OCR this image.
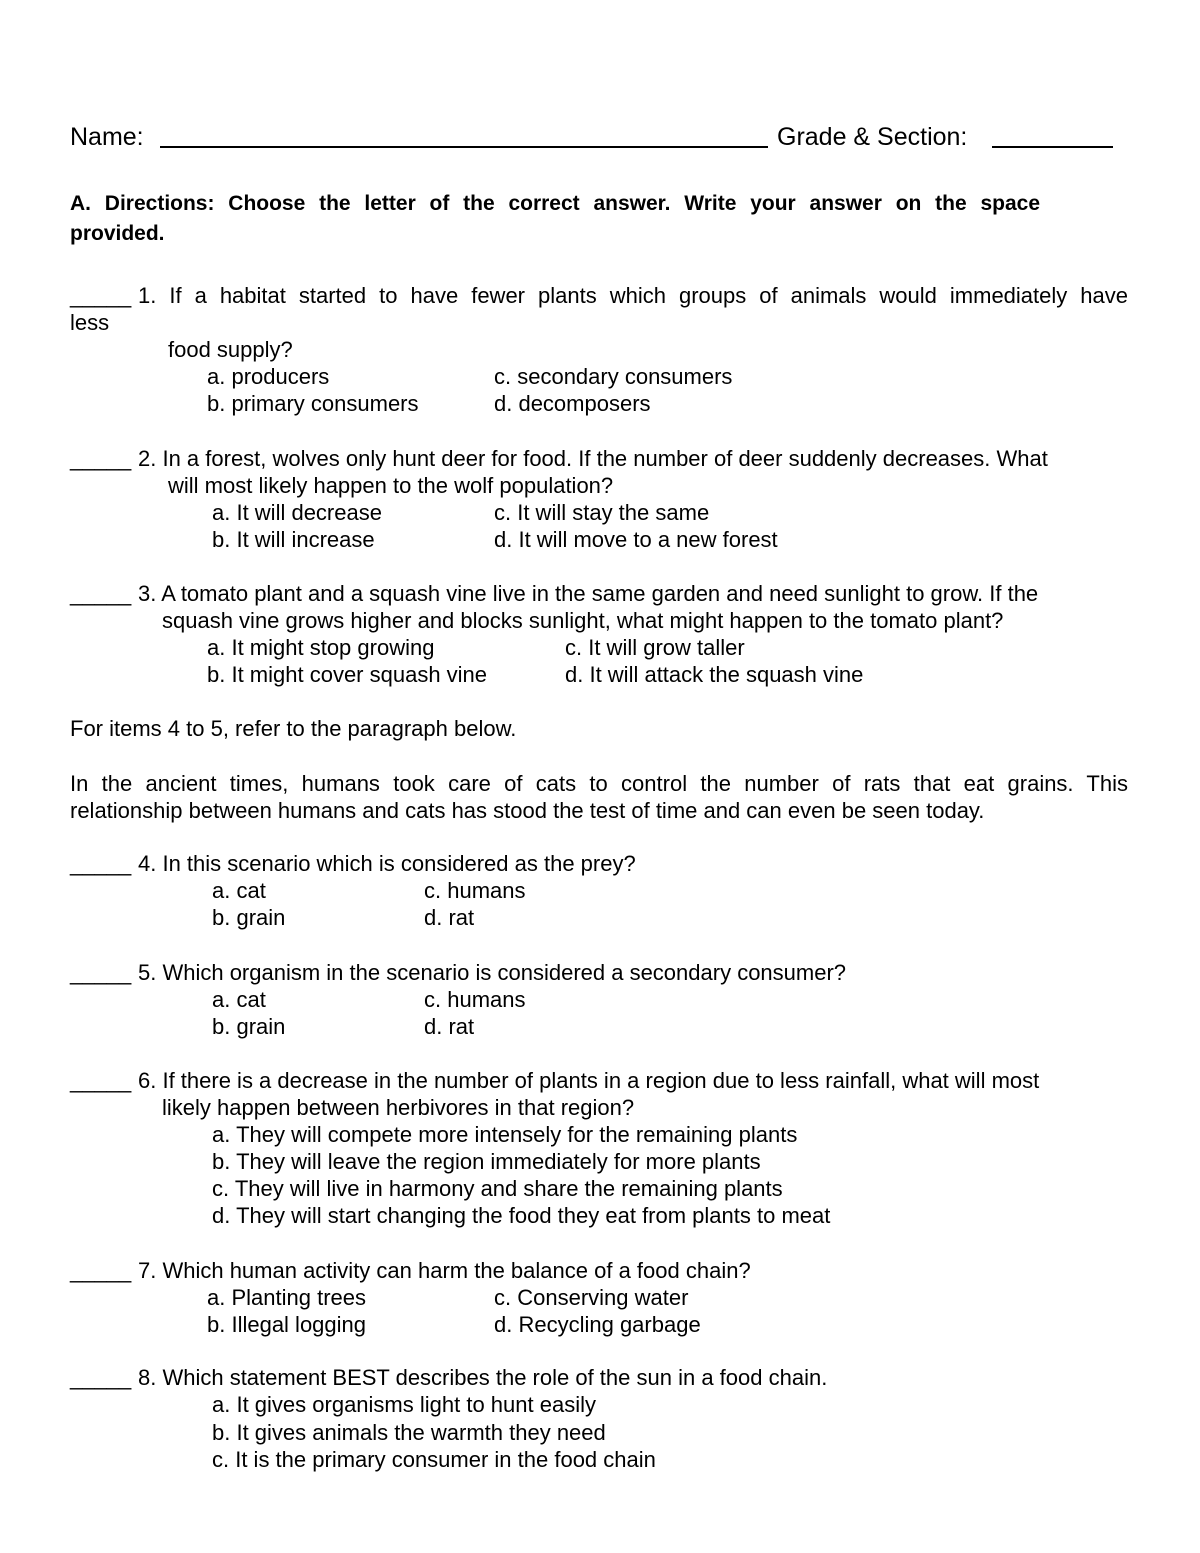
Name:	Grade & Section:
A. Directions: Choose the letter of the correct answer. Write your answer on the space
provided.
_____ 1. If a habitat started to have fewer plants which groups of animals would immediately have
less
food supply?
a. producers
b. primary consumers
c. secondary consumers
d. decomposers
_____ 2. In a forest, wolves only hunt deer for food. If the number of deer suddenly decreases. What
will most likely happen to the wolf population?
a. It will decrease
b. It will increase
c. It will stay the same
d. It will move to a new forest
_____ 3. A tomato plant and a squash vine live in the same garden and need sunlight to grow. If the
squash vine grows higher and blocks sunlight, what might happen to the tomato plant?
a. It might stop growing
b. It might cover squash vine
c. It will grow taller
d. It will attack the squash vine
For items 4 to 5, refer to the paragraph below.
In the ancient times, humans took care of cats to control the number of rats that eat grains. This
relationship between humans and cats has stood the test of time and can even be seen today.
_____ 4. In this scenario which is considered as the prey?
a. cat
b. grain
c. humans
d. rat
_____ 5. Which organism in the scenario is considered a secondary consumer?
a. cat
b. grain
c. humans
d. rat
_____ 6. If there is a decrease in the number of plants in a region due to less rainfall, what will most
likely happen between herbivores in that region?
a. They will compete more intensely for the remaining plants
b. They will leave the region immediately for more plants
c. They will live in harmony and share the remaining plants
d. They will start changing the food they eat from plants to meat
_____ 7. Which human activity can harm the balance of a food chain?
a. Planting trees
b. Illegal logging
c. Conserving water
d. Recycling garbage
_____ 8. Which statement BEST describes the role of the sun in a food chain.
a. It gives organisms light to hunt easily
b. It gives animals the warmth they need
c. It is the primary consumer in the food chain
